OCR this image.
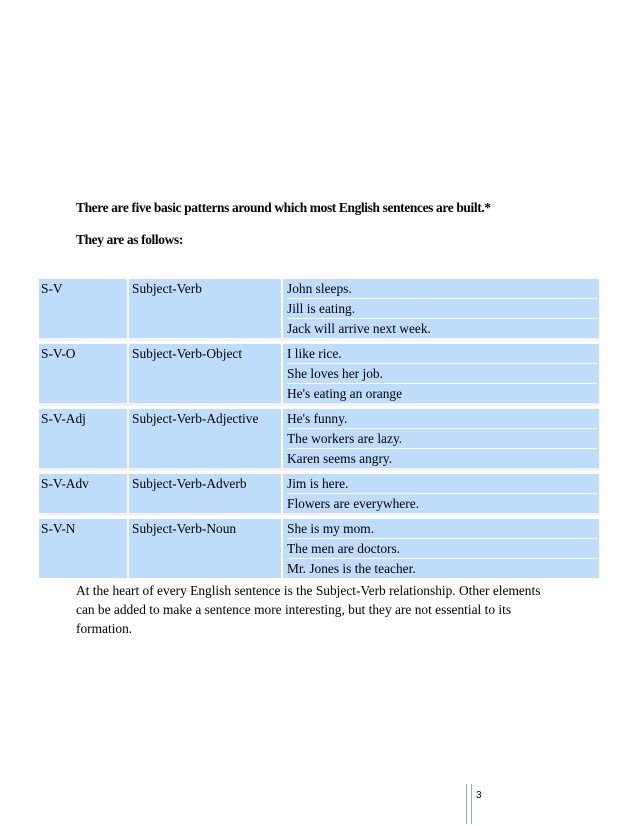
There are five basic patterns around which most English sentences are built.*
They are as follows:
S-V	Subject-Verb	John sleeps.
Jill is eating.
Jack will arrive next week.
S-V-O	Subject-Verb-Object	I like rice.
She loves her job.
He's eating an orange
S-V-Adj	Subject-Verb-Adjective	He's funny.
The workers are lazy.
Karen seems angry.
S-V-Adv	Subject-Verb-Adverb	Jim is here.
Flowers are everywhere.
S-V-N	Subject-Verb-Noun	She is my mom.
The men are doctors.
Mr. Jones is the teacher.
At the heart of every English sentence is the Subject-Verb relationship. Other elements can be added to make a sentence more interesting, but they are not essential to its formation.
3
